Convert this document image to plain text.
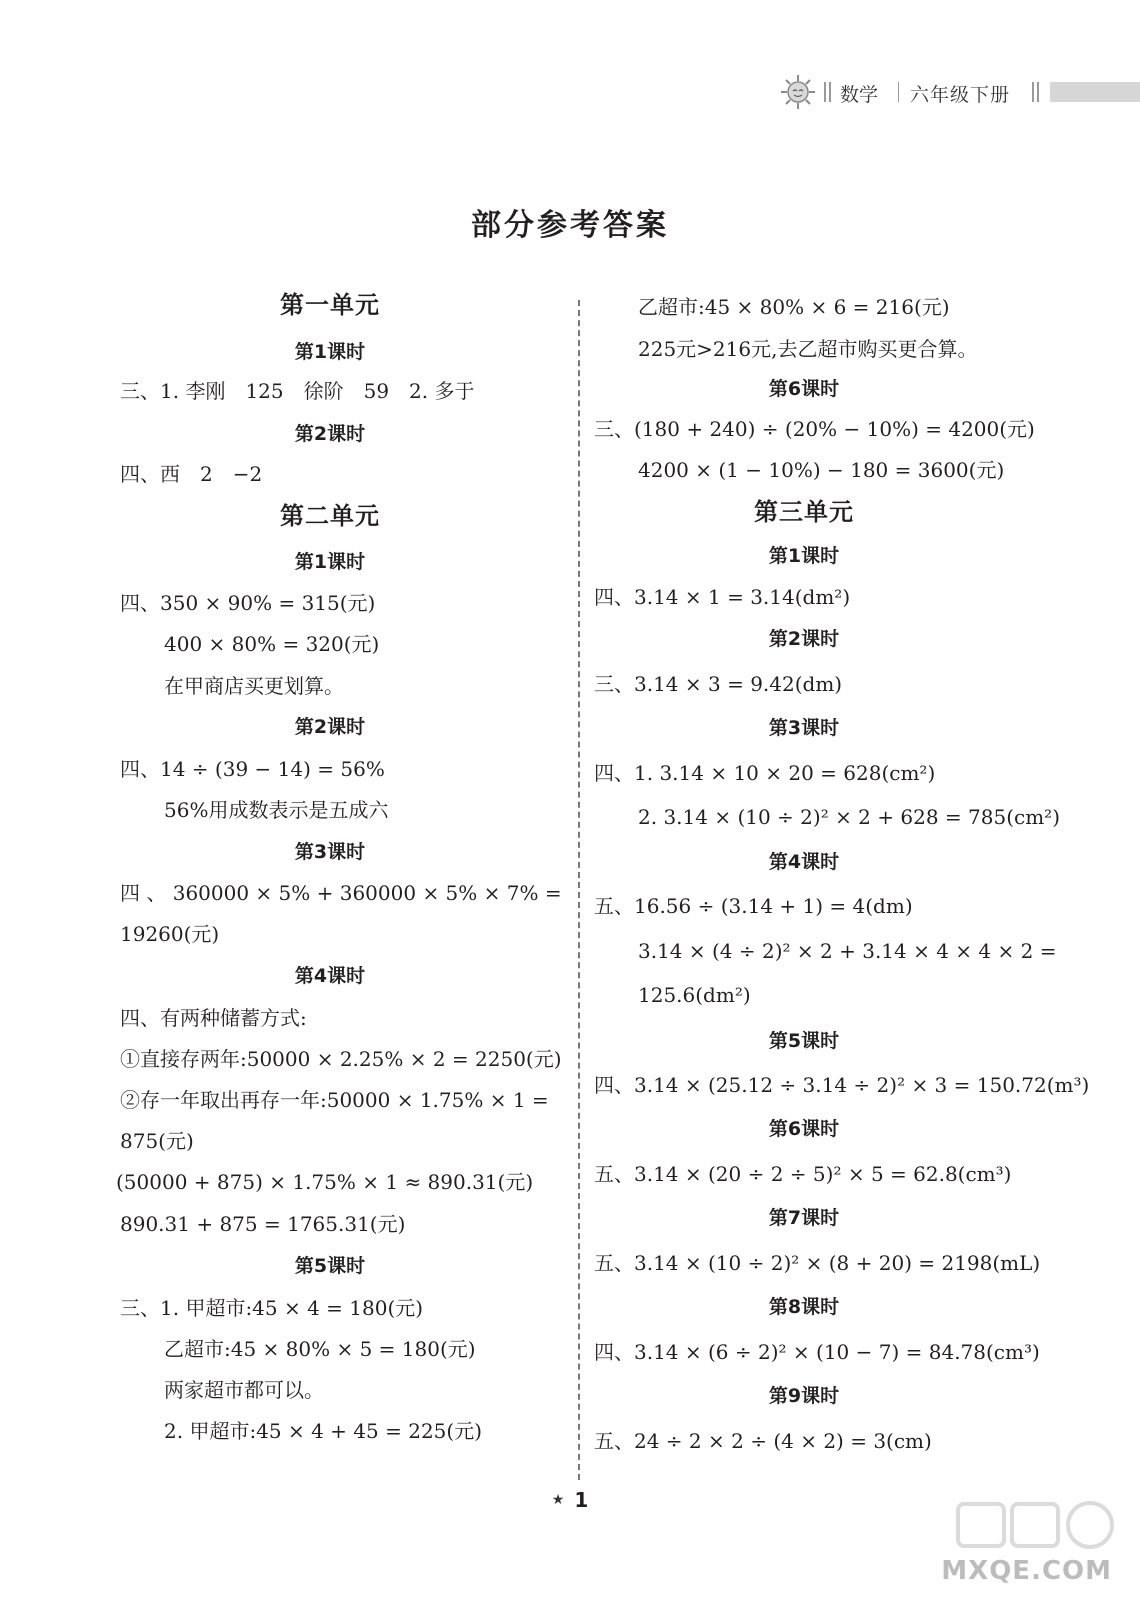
数学 六年级下册
部分参考答案
第一单元
第1课时
三、1. 李刚　125　徐阶　59　2. 多于
第2课时
四、西　2　−2
第二单元
第1课时
四、350 × 90% = 315(元)
400 × 80% = 320(元)
在甲商店买更划算。
第2课时
四、14 ÷ (39 − 14) = 56%
56%用成数表示是五成六
第3课时
四 、 360000 × 5% + 360000 × 5% × 7% =
19260(元)
第4课时
四、有两种储蓄方式:
①直接存两年:50000 × 2.25% × 2 = 2250(元)
②存一年取出再存一年:50000 × 1.75% × 1 =
875(元)
(50000 + 875) × 1.75% × 1 ≈ 890.31(元)
890.31 + 875 = 1765.31(元)
第5课时
三、1. 甲超市:45 × 4 = 180(元)
乙超市:45 × 80% × 5 = 180(元)
两家超市都可以。
2. 甲超市:45 × 4 + 45 = 225(元)
乙超市:45 × 80% × 6 = 216(元)
225元>216元,去乙超市购买更合算。
第6课时
三、(180 + 240) ÷ (20% − 10%) = 4200(元)
4200 × (1 − 10%) − 180 = 3600(元)
第三单元
第1课时
四、3.14 × 1 = 3.14(dm²)
第2课时
三、3.14 × 3 = 9.42(dm)
第3课时
四、1. 3.14 × 10 × 20 = 628(cm²)
2. 3.14 × (10 ÷ 2)² × 2 + 628 = 785(cm²)
第4课时
五、16.56 ÷ (3.14 + 1) = 4(dm)
3.14 × (4 ÷ 2)² × 2 + 3.14 × 4 × 4 × 2 =
125.6(dm²)
第5课时
四、3.14 × (25.12 ÷ 3.14 ÷ 2)² × 3 = 150.72(m³)
第6课时
五、3.14 × (20 ÷ 2 ÷ 5)² × 5 = 62.8(cm³)
第7课时
五、3.14 × (10 ÷ 2)² × (8 + 20) = 2198(mL)
第8课时
四、3.14 × (6 ÷ 2)² × (10 − 7) = 84.78(cm³)
第9课时
五、24 ÷ 2 × 2 ÷ (4 × 2) = 3(cm)
★ 1
MXQE.COM
